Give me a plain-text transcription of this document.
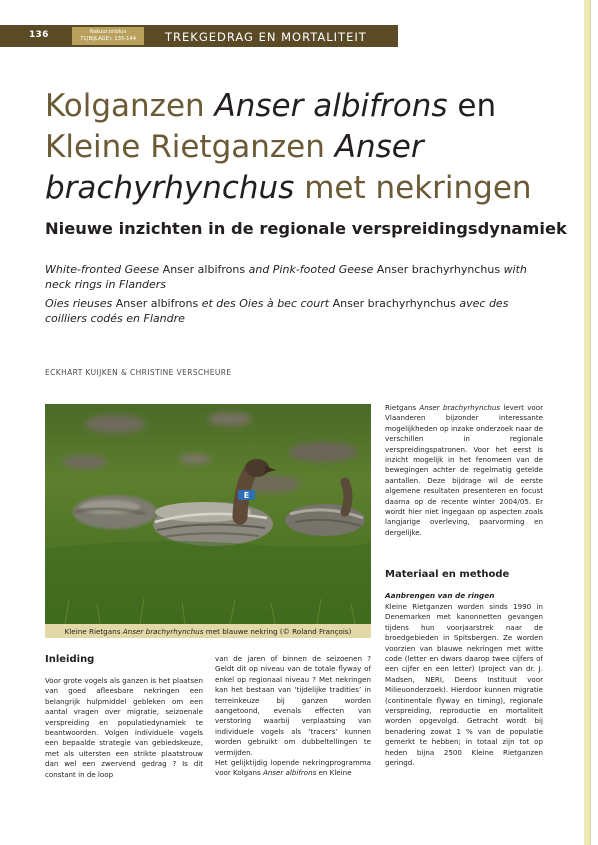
136	Natuur.oriolus
71(BIJLAGE): 135-144	TREKGEDRAG EN MORTALITEIT
Kolganzen Anser albifrons en
Kleine Rietganzen Anser
brachyrhynchus met nekringen
Nieuwe inzichten in de regionale verspreidingsdynamiek

White-fronted Geese Anser albifrons and Pink-footed Geese Anser brachyrhynchus with neck rings in Flanders

Oies rieuses Anser albifrons et des Oies à bec court Anser brachyrhynchus avec des coilliers codés en Flandre

ECKHART KUIJKEN & CHRISTINE VERSCHEURE

E

Kleine Rietgans Anser brachyrhynchus met blauwe nekring (© Roland François)

Inleiding

Voor grote vogels als ganzen is het plaatsen van goed afleesbare nekringen een belangrijk hulpmiddel gebleken om een aantal vragen over migratie, seizoenale verspreiding en populatiedynamiek te beantwoorden. Volgen individuele vogels een bepaalde strategie van gebiedskeuze, met als uitersten een strikte plaatstrouw dan wel een zwervend gedrag ? Is dit constant in de loop

van de jaren of binnen de seizoenen ? Geldt dit op niveau van de totale flyway of enkel op regionaal niveau ? Met nekringen kan het bestaan van ‘tijdelijke tradities’ in terreinkeuze bij ganzen worden aangetoond, evenals effecten van verstoring waarbij verplaatsing van individuele vogels als ‘tracers’ kunnen worden gebruikt om dubbeltellingen te vermijden.
Het gelijktijdig lopende nekringprogramma voor Kolgans Anser albifrons en Kleine

Rietgans Anser brachyrhynchus levert voor Vlaanderen bijzonder interessante mogelijkheden op inzake onderzoek naar de verschillen in regionale verspreidingspatronen. Voor het eerst is inzicht mogelijk in het fenomeen van de bewegingen achter de regelmatig getelde aantallen. Deze bijdrage wil de eerste algemene resultaten presenteren en focust daarna op de recente winter 2004/05. Er wordt hier niet ingegaan op aspecten zoals langjarige overleving, paarvorming en dergelijke.

Materiaal en methode

Aanbrengen van de ringen

Kleine Rietganzen worden sinds 1990 in Denemarken met kanonnetten gevangen tijdens hun voorjaarstrek naar de broedgebieden in Spitsbergen. Ze worden voorzien van blauwe nekringen met witte code (letter en dwars daarop twee cijfers of een cijfer en een letter) (project van dr. J. Madsen, NERI, Deens Instituut voor Milieuonderzoek). Hierdoor kunnen migratie (continentale flyway en timing), regionale verspreiding, reproductie en mortaliteit worden opgevolgd. Getracht wordt bij benadering zowat 1 % van de populatie gemerkt te hebben; in totaal zijn tot op heden bijna 2500 Kleine Rietganzen geringd.
